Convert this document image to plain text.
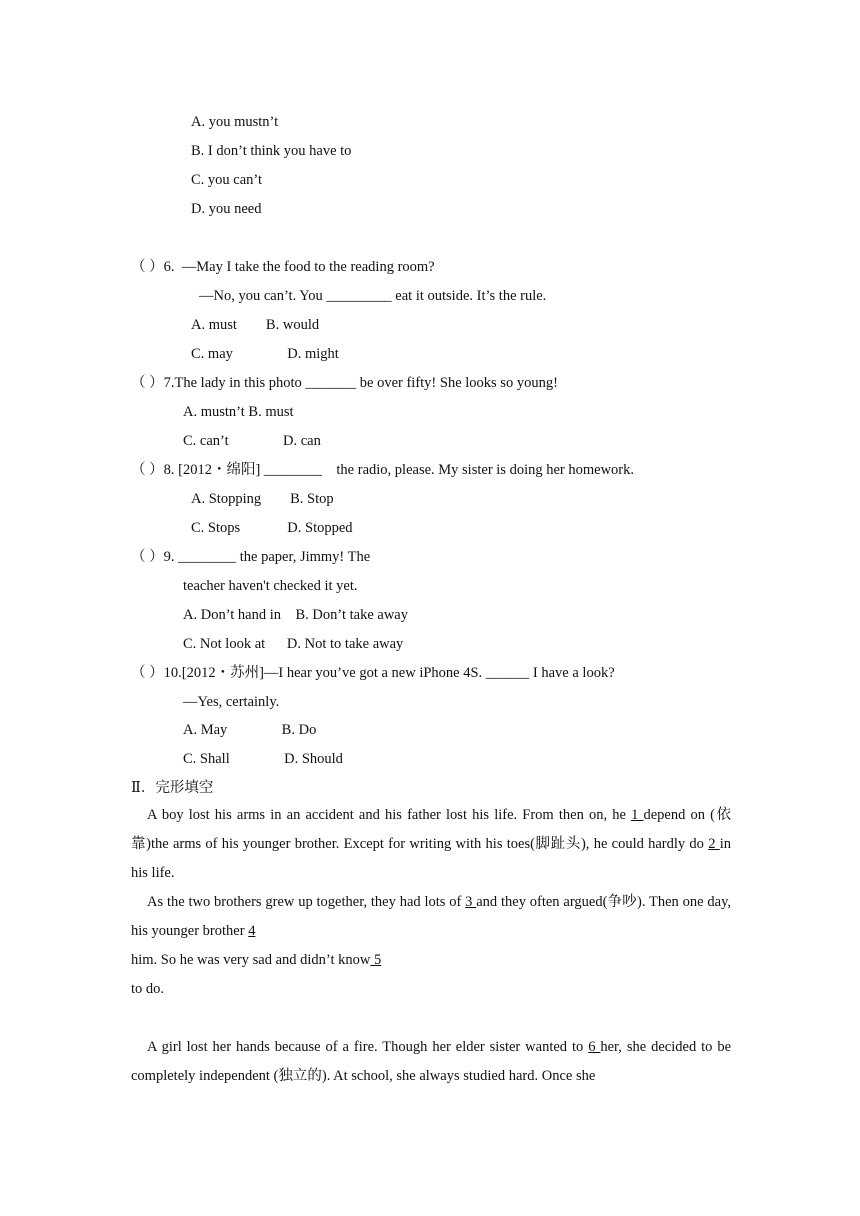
A. you mustn’t
B. I don’t think you have to
C. you can’t
D. you need
（ ）6.  —May I take the food to the reading room?
—No, you can’t. You _________ eat it outside. It’s the rule.
A. must        B. would
C. may               D. might
（ ）7.The lady in this photo _______ be over fifty! She looks so young!
A. mustn’t B. must
C. can’t               D. can
（ ）8. [2012・绵阳] ________    the radio, please. My sister is doing her homework.
A. Stopping        B. Stop
C. Stops             D. Stopped
（ ）9. ________ the paper, Jimmy! The
teacher haven't checked it yet.
A. Don’t hand in    B. Don’t take away
C. Not look at      D. Not to take away
（ ）10.[2012・苏州]—I hear you’ve got a new iPhone 4S. ______ I have a look?
—Yes, certainly.
A. May               B. Do
C. Shall               D. Should
Ⅱ．完形填空
A boy lost his arms in an accident and his father lost his life. From then on, he 1 depend on (依靠)the arms of his younger brother. Except for writing with his toes(脚趾头), he could hardly do 2 in his life.
As the two brothers grew up together, they had lots of 3 and they often argued(争吵). Then one day, his younger brother 4
him. So he was very sad and didn’t know 5
to do.
A girl lost her hands because of a fire. Though her elder sister wanted to 6 her, she decided to be completely independent (独立的). At school, she always studied hard. Once she
